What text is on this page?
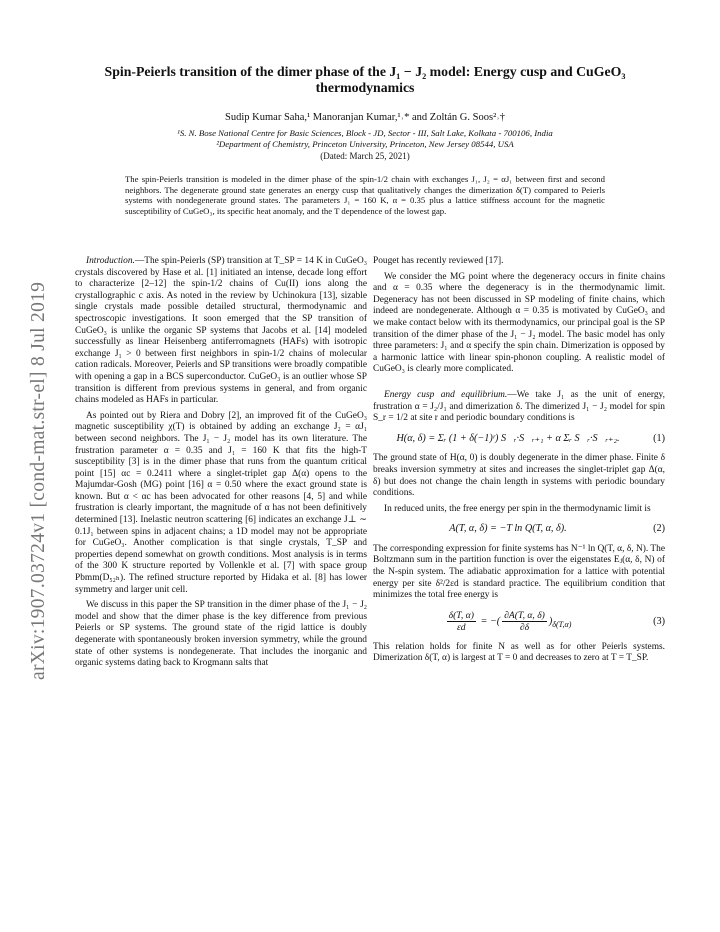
arXiv:1907.03724v1 [cond-mat.str-el] 8 Jul 2019
Spin-Peierls transition of the dimer phase of the J₁ − J₂ model: Energy cusp and CuGeO₃ thermodynamics
Sudip Kumar Saha,¹ Manoranjan Kumar,¹˒* and Zoltán G. Soos²˒†
¹S. N. Bose National Centre for Basic Sciences, Block - JD, Sector - III, Salt Lake, Kolkata - 700106, India
²Department of Chemistry, Princeton University, Princeton, New Jersey 08544, USA
(Dated: March 25, 2021)
The spin-Peierls transition is modeled in the dimer phase of the spin-1/2 chain with exchanges J₁, J₂ = αJ₁ between first and second neighbors. The degenerate ground state generates an energy cusp that qualitatively changes the dimerization δ(T) compared to Peierls systems with nondegenerate ground states. The parameters J₁ = 160 K, α = 0.35 plus a lattice stiffness account for the magnetic susceptibility of CuGeO₃, its specific heat anomaly, and the T dependence of the lowest gap.

Introduction.—The spin-Peierls (SP) transition at T_SP = 14 K in CuGeO₃ crystals discovered by Hase et al. [1] initiated an intense, decade long effort to characterize [2–12] the spin-1/2 chains of Cu(II) ions along the crystallographic c axis. As noted in the review by Uchinokura [13], sizable single crystals made possible detailed structural, thermodynamic and spectroscopic investigations. It soon emerged that the SP transition of CuGeO₃ is unlike the organic SP systems that Jacobs et al. [14] modeled successfully as linear Heisenberg antiferromagnets (HAFs) with isotropic exchange J₁ > 0 between first neighbors in spin-1/2 chains of molecular cation radicals. Moreover, Peierls and SP transitions were broadly compatible with opening a gap in a BCS superconductor. CuGeO₃ is an outlier whose SP transition is different from previous systems in general, and from organic chains modeled as HAFs in particular.

As pointed out by Riera and Dobry [2], an improved fit of the CuGeO₃ magnetic susceptibility χ(T) is obtained by adding an exchange J₂ = αJ₁ between second neighbors. The J₁ − J₂ model has its own literature. The frustration parameter α = 0.35 and J₁ = 160 K that fits the high-T susceptibility [3] is in the dimer phase that runs from the quantum critical point [15] αc = 0.2411 where a singlet-triplet gap Δ(α) opens to the Majumdar-Gosh (MG) point [16] α = 0.50 where the exact ground state is known. But α < αc has been advocated for other reasons [4, 5] and while frustration is clearly important, the magnitude of α has not been definitively determined [13]. Inelastic neutron scattering [6] indicates an exchange J⊥ ∼ 0.1J₁ between spins in adjacent chains; a 1D model may not be appropriate for CuGeO₃. Another complication is that single crystals, T_SP and properties depend somewhat on growth conditions. Most analysis is in terms of the 300 K structure reported by Vollenkle et al. [7] with space group Pbmm(D₅₂ₕ). The refined structure reported by Hidaka et al. [8] has lower symmetry and larger unit cell.

We discuss in this paper the SP transition in the dimer phase of the J₁ − J₂ model and show that the dimer phase is the key difference from previous Peierls or SP systems. The ground state of the rigid lattice is doubly degenerate with spontaneously broken inversion symmetry, while the ground state of other systems is nondegenerate. That includes the inorganic and organic systems dating back to Krogmann salts that

Pouget has recently reviewed [17].

We consider the MG point where the degeneracy occurs in finite chains and α = 0.35 where the degeneracy is in the thermodynamic limit. Degeneracy has not been discussed in SP modeling of finite chains, which indeed are nondegenerate. Although α = 0.35 is motivated by CuGeO₃ and we make contact below with its thermodynamics, our principal goal is the SP transition of the dimer phase of the J₁ − J₂ model. The basic model has only three parameters: J₁ and α specify the spin chain. Dimerization is opposed by a harmonic lattice with linear spin-phonon coupling. A realistic model of CuGeO₃ is clearly more complicated.

Energy cusp and equilibrium.—We take J₁ as the unit of energy, frustration α = J₂/J₁ and dimerization δ. The dimerized J₁ − J₂ model for spin S_r = 1/2 at site r and periodic boundary conditions is

H(α, δ) = Σᵣ (1 + δ(−1)ʳ) S⃗ᵣ·S⃗ᵣ₊₁ + α Σᵣ S⃗ᵣ·S⃗ᵣ₊₂.	(1)

The ground state of H(α, 0) is doubly degenerate in the dimer phase. Finite δ breaks inversion symmetry at sites and increases the singlet-triplet gap Δ(α, δ) but does not change the chain length in systems with periodic boundary conditions.

In reduced units, the free energy per spin in the thermodynamic limit is

A(T, α, δ) = −T ln Q(T, α, δ).	(2)

The corresponding expression for finite systems has N⁻¹ ln Q(T, α, δ, N). The Boltzmann sum in the partition function is over the eigenstates Eⱼ(α, δ, N) of the N-spin system. The adiabatic approximation for a lattice with potential energy per site δ²/2εd is standard practice. The equilibrium condition that minimizes the total free energy is

$\frac{\delta(T, \alpha)}{\varepsilon d}$ = −( $\frac{\partial A(T, \alpha, \delta)}{\partial\delta} )_{\delta(T,\alpha)}$	(3)

This relation holds for finite N as well as for other Peierls systems. Dimerization δ(T, α) is largest at T = 0 and decreases to zero at T = T_SP.
